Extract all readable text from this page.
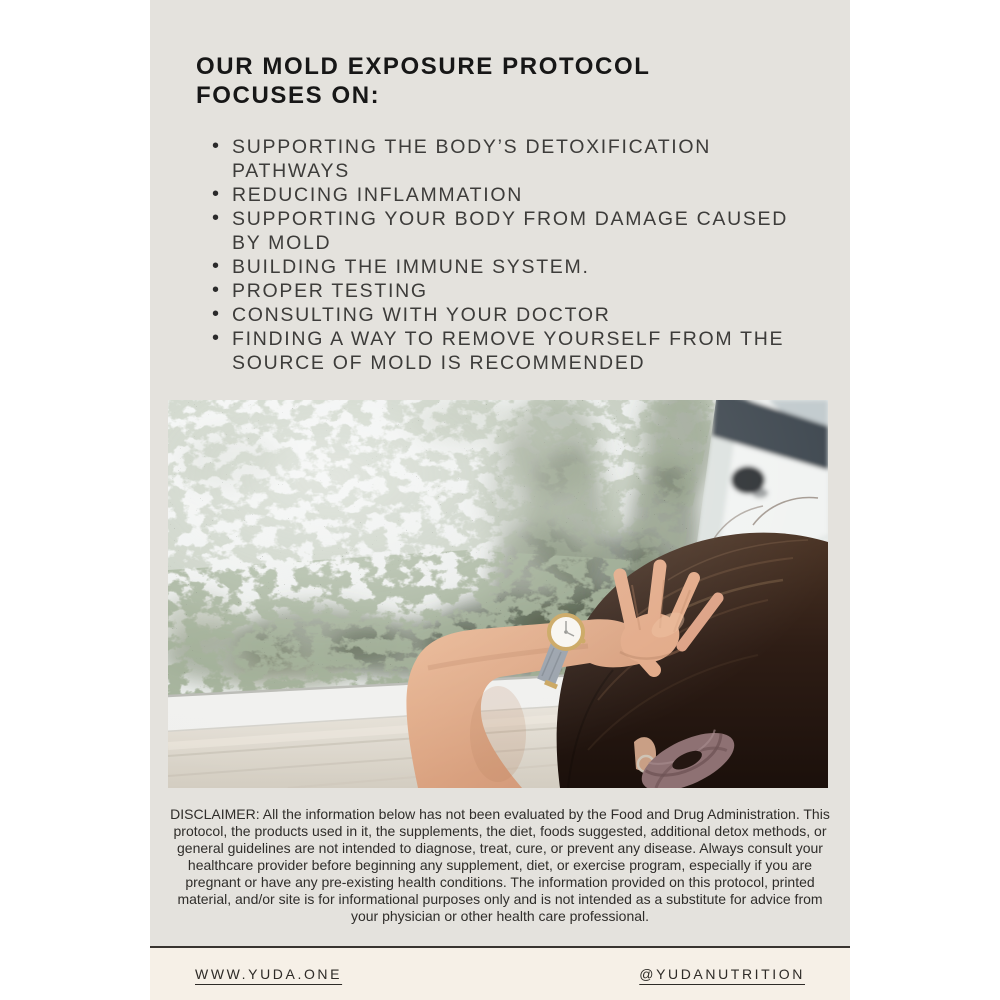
OUR MOLD EXPOSURE PROTOCOL
FOCUSES ON:
• SUPPORTING THE BODY’S DETOXIFICATION PATHWAYS
• REDUCING INFLAMMATION
• SUPPORTING YOUR BODY FROM DAMAGE CAUSED BY MOLD
• BUILDING THE IMMUNE SYSTEM.
• PROPER TESTING
• CONSULTING WITH YOUR DOCTOR
• FINDING A WAY TO REMOVE YOURSELF FROM THE SOURCE OF MOLD IS RECOMMENDED

DISCLAIMER: All the information below has not been evaluated by the Food and Drug Administration. This protocol, the products used in it, the supplements, the diet, foods suggested, additional detox methods, or general guidelines are not intended to diagnose, treat, cure, or prevent any disease. Always consult your healthcare provider before beginning any supplement, diet, or exercise program, especially if you are pregnant or have any pre-existing health conditions. The information provided on this protocol, printed material, and/or site is for informational purposes only and is not intended as a substitute for advice from your physician or other health care professional.

WWW.YUDA.ONE	@YUDANUTRITION
